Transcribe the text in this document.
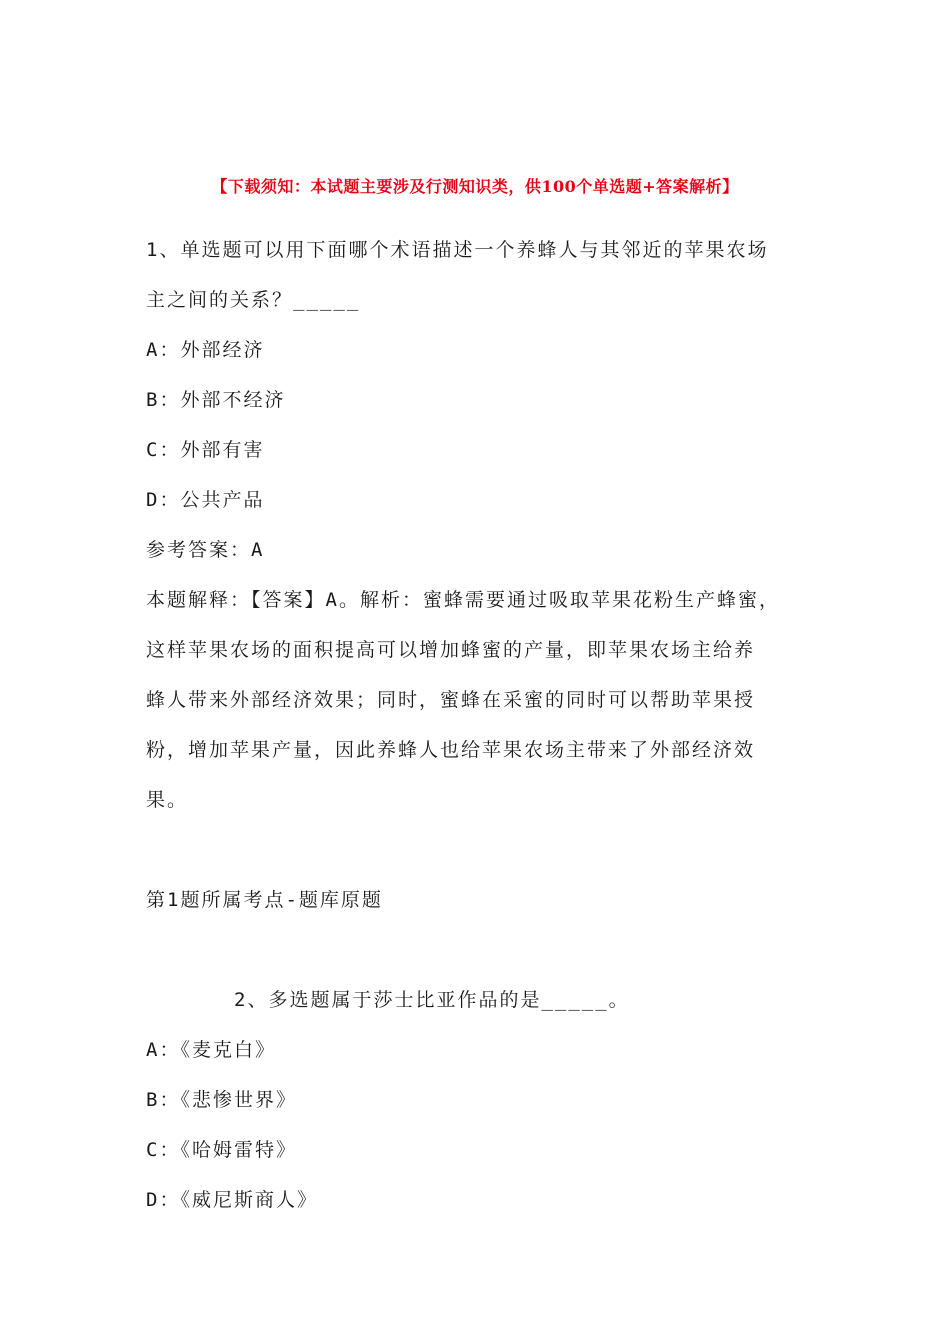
【下载须知：本试题主要涉及行测知识类，供100个单选题+答案解析】
1、单选题可以用下面哪个术语描述一个养蜂人与其邻近的苹果农场
主之间的关系？_____
A：外部经济
B：外部不经济
C：外部有害
D：公共产品
参考答案：A
本题解释：【答案】A。解析：蜜蜂需要通过吸取苹果花粉生产蜂蜜，
这样苹果农场的面积提高可以增加蜂蜜的产量，即苹果农场主给养
蜂人带来外部经济效果；同时，蜜蜂在采蜜的同时可以帮助苹果授
粉，增加苹果产量，因此养蜂人也给苹果农场主带来了外部经济效
果。
第1题所属考点-题库原题
2、多选题属于莎士比亚作品的是_____。
A：《麦克白》
B：《悲惨世界》
C：《哈姆雷特》
D：《威尼斯商人》
